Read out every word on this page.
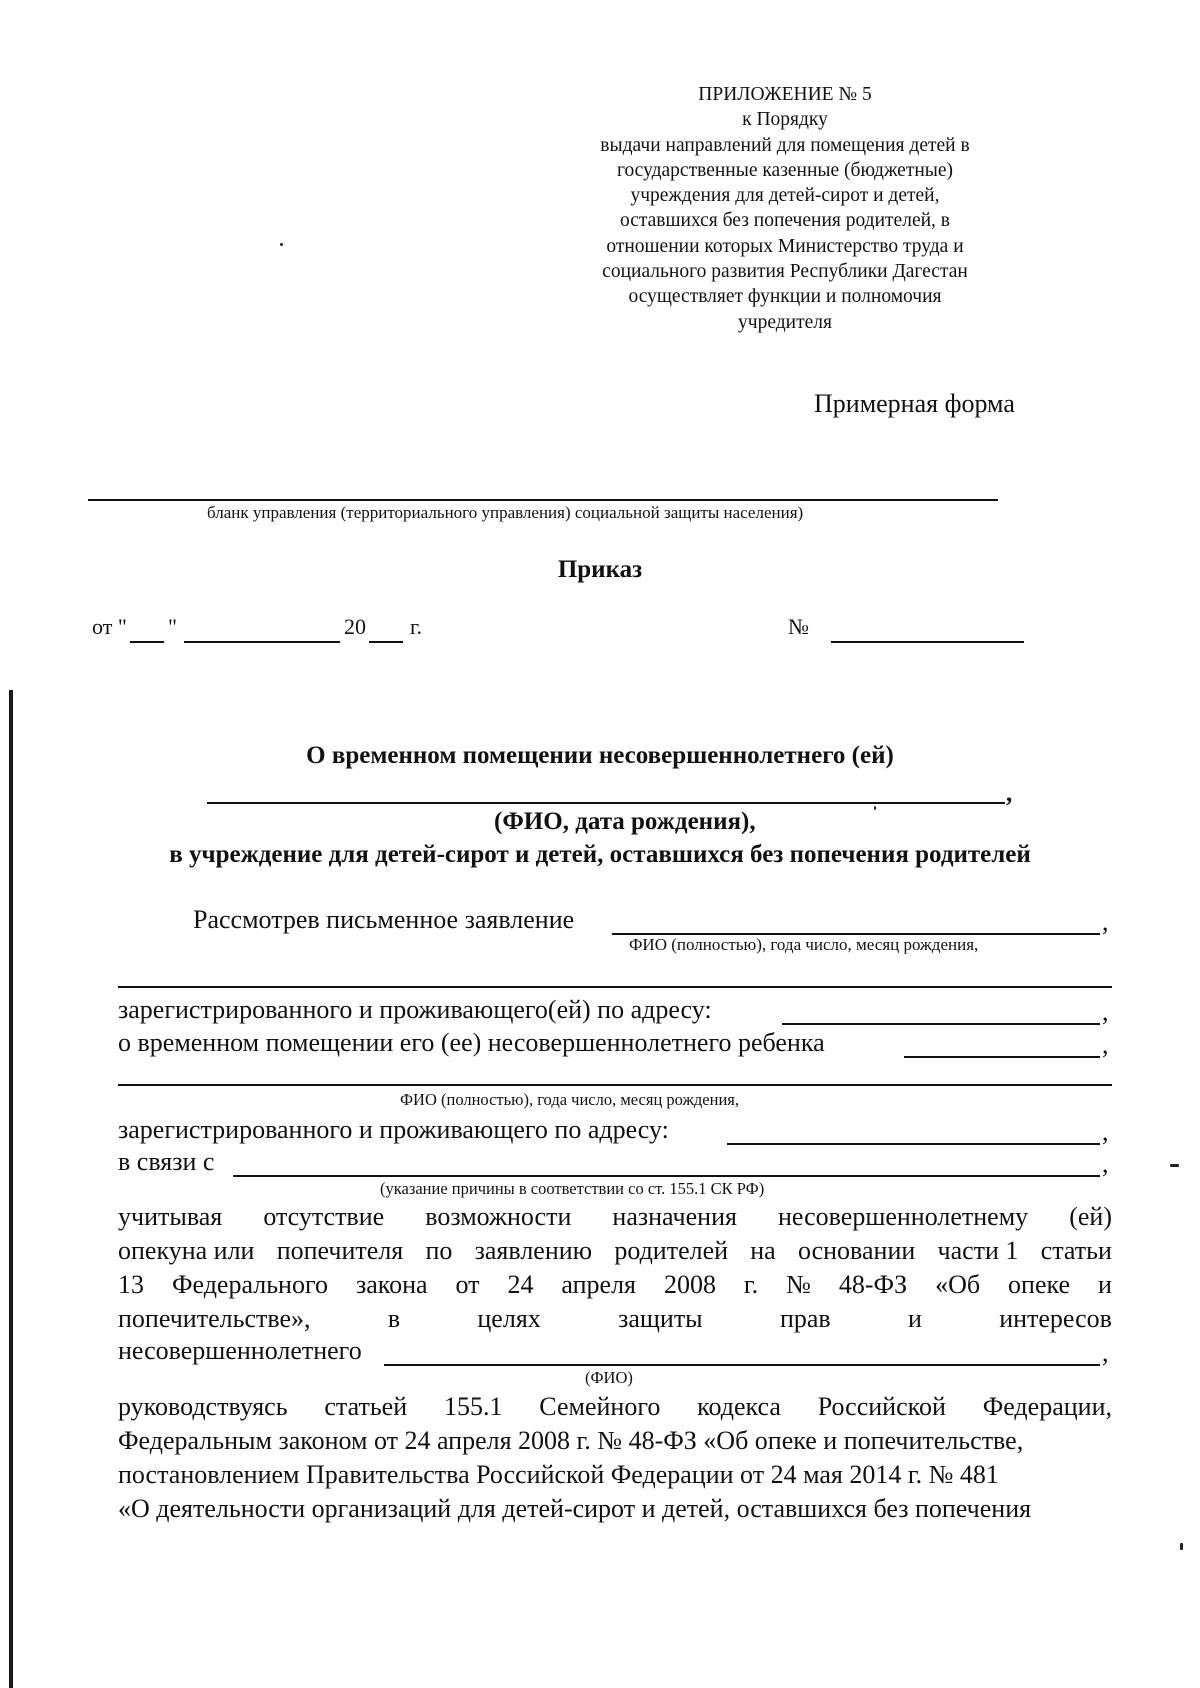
ПРИЛОЖЕНИЕ № 5
к Порядку
выдачи направлений для помещения детей в
государственные казенные (бюджетные)
учреждения для детей-сирот и детей,
оставшихся без попечения родителей, в
отношении которых Министерство труда и
социального развития Республики Дагестан
осуществляет функции и полномочия
учредителя
Примерная форма
бланк управления (территориального управления) социальной защиты населения)
Приказ
от " "	20 г.	№
О временном помещении несовершеннолетнего (ей)
,
(ФИО, дата рождения),
в учреждение для детей-сирот и детей, оставшихся без попечения родителей
Рассмотрев письменное заявление	,
ФИО (полностью), года число, месяц рождения,
зарегистрированного и проживающего(ей) по адресу:	,
о временном помещении его (ее) несовершеннолетнего ребенка	,
ФИО (полностью), года число, месяц рождения,
зарегистрированного и проживающего по адресу:	,
в связи с	,
(указание причины в соответствии со ст. 155.1 СК РФ)
учитывая отсутствие возможности назначения несовершеннолетнему (ей)
опекуна или попечителя по заявлению родителей на основании части 1 статьи
13 Федерального закона от 24 апреля 2008 г. № 48-ФЗ «Об опеке и
попечительстве»,	в	целях	защиты	прав	и	интересов
несовершеннолетнего	,
(ФИО)
руководствуясь статьей 155.1 Семейного кодекса Российской Федерации,
Федеральным законом от 24 апреля 2008 г. № 48-ФЗ «Об опеке и попечительстве,
постановлением Правительства Российской Федерации от 24 мая 2014 г. № 481
«О деятельности организаций для детей-сирот и детей, оставшихся без попечения
